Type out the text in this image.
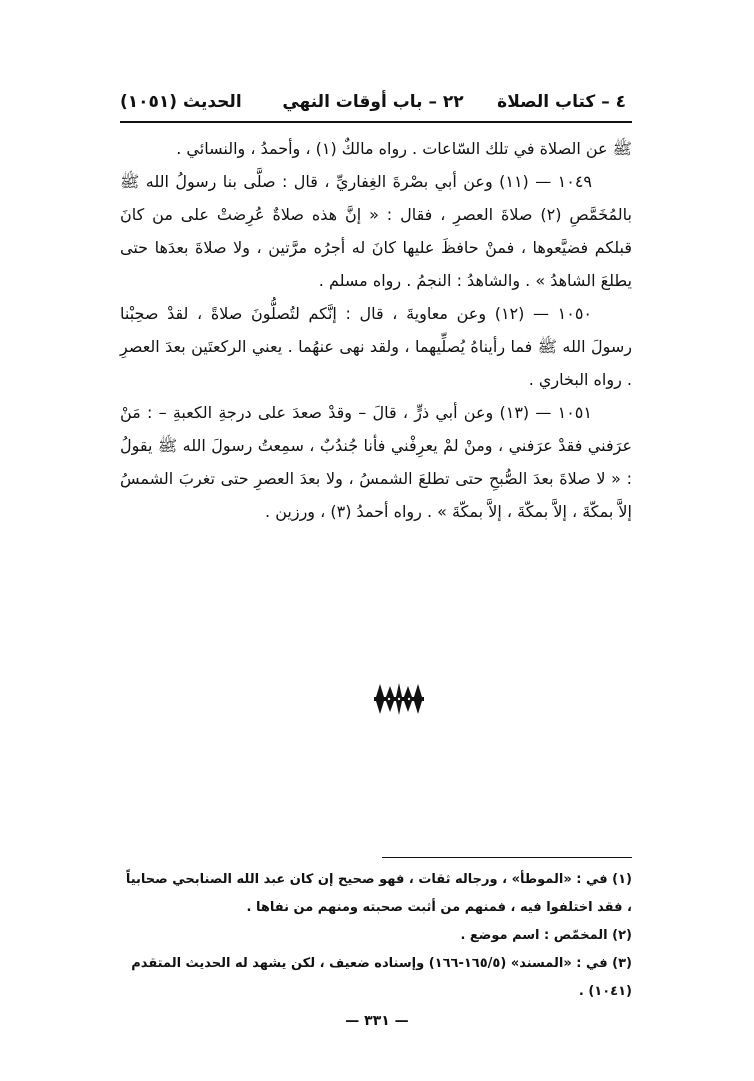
٤ – كتاب الصلاة
٢٢ – باب أوقات النهي
الحديث (١٠٥١)

ﷺ عن الصلاة في تلك السّاعات . رواه مالكٌ (١) ، وأحمدُ ، والنسائي .

١٠٤٩ — (١١) وعن أبي بصْرةَ الغِفاريِّ ، قال : صلَّى بنا رسولُ الله ﷺ بالمُخَمَّصِ (٢) صلاةَ العصرِ ، فقال : « إنَّ هذه صلاةٌ عُرِضتْ على من كانَ قبلكم فضيَّعوها ، فمنْ حافظَ عليها كانَ له أجرُه مرَّتين ، ولا صلاةَ بعدَها حتى يطلعَ الشاهدُ » . والشاهدُ : النجمُ . رواه مسلم .

١٠٥٠ — (١٢) وعن معاويةَ ، قال : إنَّكم لتُصلُّونَ صلاةً ، لقدْ صحِبْنا رسولَ الله ﷺ فما رأيناهُ يُصلِّيهما ، ولقد نهى عنهُما . يعني الركعتَين بعدَ العصرِ . رواه البخاري .

١٠٥١ — (١٣) وعن أبي ذرٍّ ، قالَ – وقدْ صعدَ على درجةِ الكعبةِ – : مَنْ عرَفني فقدْ عرَفني ، ومنْ لمْ يعرِفْني فأنا جُندُبٌ ، سمِعتُ رسولَ الله ﷺ يقولُ : « لا صلاةَ بعدَ الصُّبحِ حتى تطلعَ الشمسُ ، ولا بعدَ العصرِ حتى تغربَ الشمسُ إلاَّ بمكّةَ ، إلاَّ بمكّةَ ، إلاَّ بمكّةَ » . رواه أحمدُ (٣) ، ورزين .

(١) في : «الموطأ» ، ورجاله ثقات ، فهو صحيح إن كان عبد الله الصنابحي صحابياً ، فقد اختلفوا فيه ، فمنهم من أثبت صحبته ومنهم من نفاها .

(٢) المخمّص : اسم موضع .

(٣) في : «المسند» (١٦٥/٥-١٦٦) وإسناده ضعيف ، لكن يشهد له الحديث المتقدم (١٠٤١) .

— ٣٣١ —
